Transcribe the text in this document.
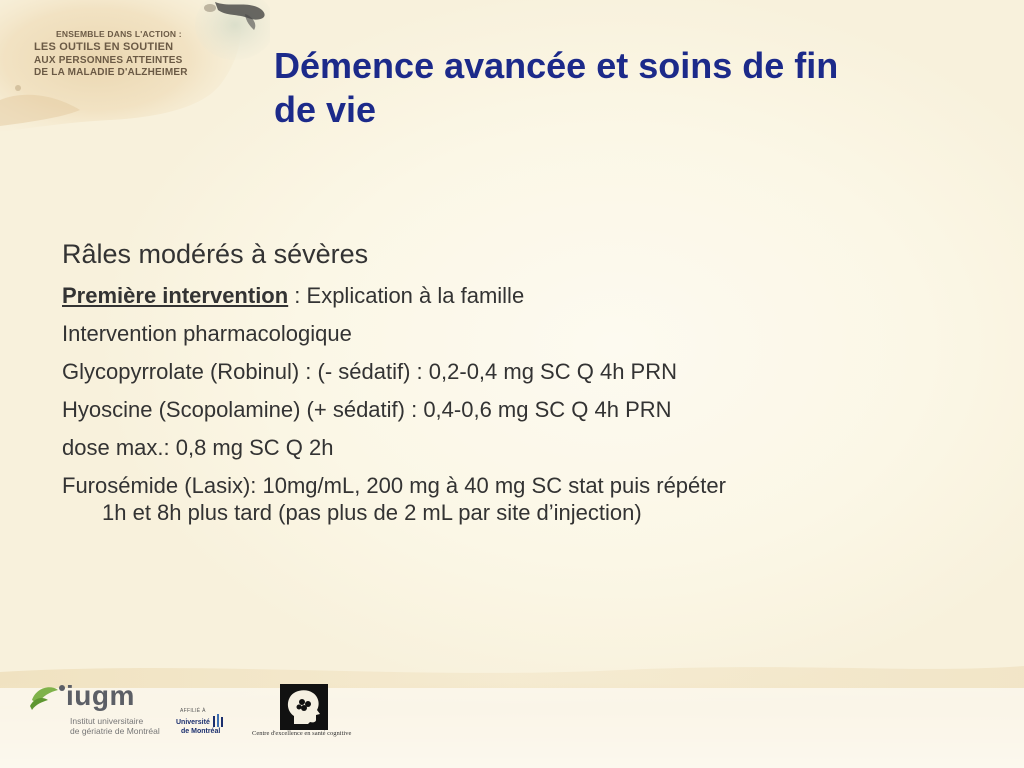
ENSEMBLE DANS L'ACTION :
LES OUTILS EN SOUTIEN
AUX PERSONNES ATTEINTES
DE LA MALADIE D'ALZHEIMER Démence avancée et soins de fin
de vie

Râles modérés à sévères

Première intervention : Explication à la famille

Intervention pharmacologique

Glycopyrrolate (Robinul) : (- sédatif) : 0,2-0,4 mg SC Q 4h PRN

Hyoscine (Scopolamine) (+ sédatif) : 0,4-0,6 mg SC Q 4h PRN

dose max.: 0,8 mg SC Q 2h

Furosémide (Lasix): 10mg/mL, 200 mg à 40 mg SC stat puis répéter
1h et 8h plus tard (pas plus de 2 mL par site d’injection)

iugm
Institut universitaire
de gériatrie de Montréal
AFFILIÉ À
Université
de Montréal	Centre d'excellence en santé cognitive
